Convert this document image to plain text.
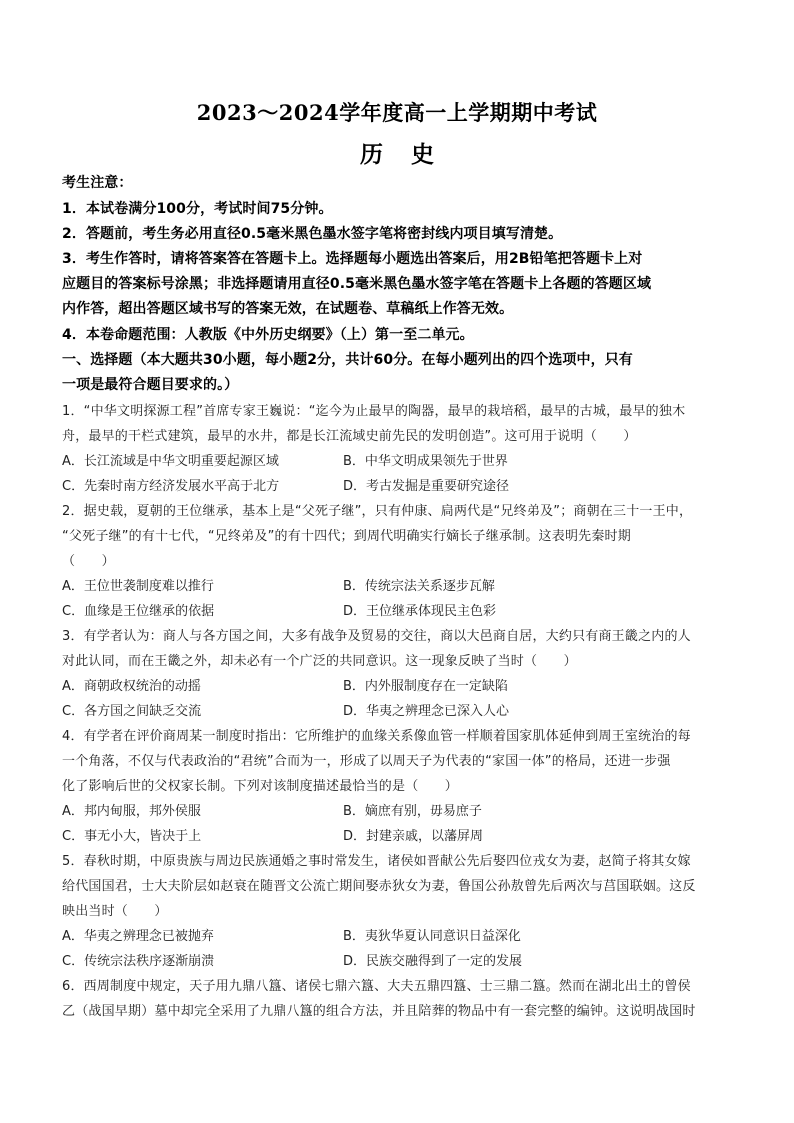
2023～2024学年度高一上学期期中考试
历 史
考生注意：
1．本试卷满分100分，考试时间75分钟。
2．答题前，考生务必用直径0.5毫米黑色墨水签字笔将密封线内项目填写清楚。
3．考生作答时，请将答案答在答题卡上。选择题每小题选出答案后，用2B铅笔把答题卡上对
应题目的答案标号涂黑；非选择题请用直径0.5毫米黑色墨水签字笔在答题卡上各题的答题区域
内作答，超出答题区域书写的答案无效，在试题卷、草稿纸上作答无效。
4．本卷命题范围：人教版《中外历史纲要》（上）第一至二单元。
一、选择题（本大题共30小题，每小题2分，共计60分。在每小题列出的四个选项中，只有
一项是最符合题目要求的。）
1．“中华文明探源工程”首席专家王巍说：“迄今为止最早的陶器，最早的栽培稻，最早的古城，最早的独木
舟，最早的干栏式建筑，最早的水井，都是长江流域史前先民的发明创造”。这可用于说明（　　）
A．长江流域是中华文明重要起源区域	B．中华文明成果领先于世界
C．先秦时南方经济发展水平高于北方	D．考古发掘是重要研究途径
2．据史载，夏朝的王位继承，基本上是“父死子继”，只有仲康、扃两代是“兄终弟及”；商朝在三十一王中，
“父死子继”的有十七代，“兄终弟及”的有十四代；到周代明确实行嫡长子继承制。这表明先秦时期
（　　）
A．王位世袭制度难以推行	B．传统宗法关系逐步瓦解
C．血缘是王位继承的依据	D．王位继承体现民主色彩
3．有学者认为：商人与各方国之间，大多有战争及贸易的交往，商以大邑商自居，大约只有商王畿之内的人
对此认同，而在王畿之外，却未必有一个广泛的共同意识。这一现象反映了当时（　　）
A．商朝政权统治的动摇	B．内外服制度存在一定缺陷
C．各方国之间缺乏交流	D．华夷之辨理念已深入人心
4．有学者在评价商周某一制度时指出：它所维护的血缘关系像血管一样顺着国家肌体延伸到周王室统治的每
一个角落，不仅与代表政治的“君统”合而为一，形成了以周天子为代表的“家国一体”的格局，还进一步强
化了影响后世的父权家长制。下列对该制度描述最恰当的是（　　）
A．邦内甸服，邦外侯服	B．嫡庶有别，毋易庶子
C．事无小大，皆决于上	D．封建亲戚，以藩屏周
5．春秋时期，中原贵族与周边民族通婚之事时常发生，诸侯如晋献公先后娶四位戎女为妻，赵简子将其女嫁
给代国国君，士大夫阶层如赵衰在随晋文公流亡期间娶赤狄女为妻，鲁国公孙敖曾先后两次与莒国联姻。这反
映出当时（　　）
A．华夷之辨理念已被抛弃	B．夷狄华夏认同意识日益深化
C．传统宗法秩序逐渐崩溃	D．民族交融得到了一定的发展
6．西周制度中规定，天子用九鼎八簋、诸侯七鼎六簋、大夫五鼎四簋、士三鼎二簋。然而在湖北出土的曾侯
乙（战国早期）墓中却完全采用了九鼎八簋的组合方法，并且陪葬的物品中有一套完整的编钟。这说明战国时
